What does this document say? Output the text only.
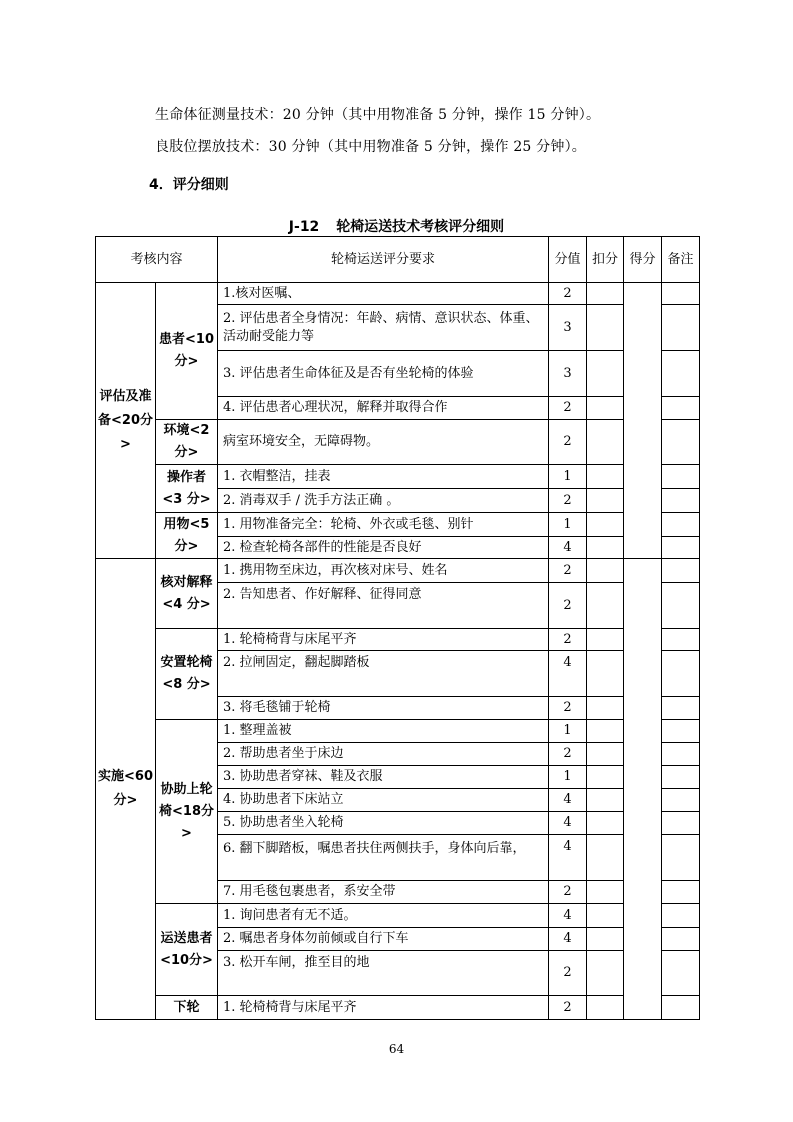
生命体征测量技术：20 分钟（其中用物准备 5 分钟，操作 15 分钟）。
良肢位摆放技术：30 分钟（其中用物准备 5 分钟，操作 25 分钟）。
4．评分细则
J-12 轮椅运送技术考核评分细则
考核内容		轮椅运送评分要求	分值	扣分	得分	备注
评估及准备<20分>	患者<10 分>	1.核对医嘱、	2			
		2. 评估患者全身情况：年龄、病情、意识状态、体重、活动耐受能力等	3			
		3. 评估患者生命体征及是否有坐轮椅的体验	3			
		4. 评估患者心理状况，解释并取得合作	2			
	环境<2 分>	病室环境安全，无障碍物。	2			
	操作者<3 分>	1. 衣帽整洁，挂表	1			
		2. 消毒双手 / 洗手方法正确 。	2			
	用物<5 分>	1. 用物准备完全：轮椅、外衣或毛毯、别针	1			
		2. 检查轮椅各部件的性能是否良好	4			
实施<60分>	核对解释<4 分>	1. 携用物至床边，再次核对床号、姓名	2			
		2. 告知患者、作好解释、征得同意	2			
	安置轮椅<8 分>	1. 轮椅椅背与床尾平齐	2			
		2. 拉闸固定，翻起脚踏板	4			
		3. 将毛毯铺于轮椅	2			
	协助上轮椅<18分>	1. 整理盖被	1			
		2. 帮助患者坐于床边	2			
		3. 协助患者穿袜、鞋及衣服	1			
		4. 协助患者下床站立	4			
		5. 协助患者坐入轮椅	4			
		6. 翻下脚踏板，嘱患者扶住两侧扶手，身体向后靠，	4			
		7. 用毛毯包裹患者，系安全带	2			
	运送患者<10分>	1. 询问患者有无不适。	4			
		2. 嘱患者身体勿前倾或自行下车	4			
		3. 松开车闸，推至目的地	2			
	下轮	1. 轮椅椅背与床尾平齐	2			
64
